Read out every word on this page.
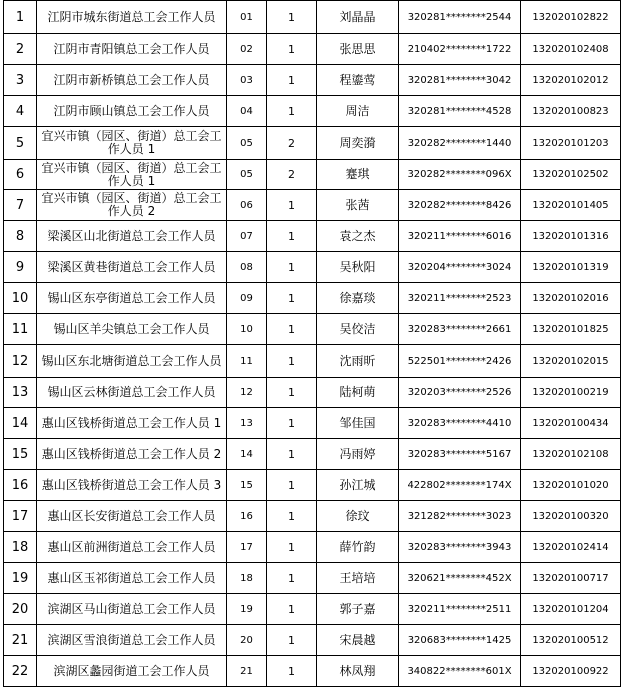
1	江阴市城东街道总工会工作人员	01	1	刘晶晶	320281********2544	132020102822
2	江阴市青阳镇总工会工作人员	02	1	张思思	210402********1722	132020102408
3	江阴市新桥镇总工会工作人员	03	1	程鎏莺	320281********3042	132020102012
4	江阴市顾山镇总工会工作人员	04	1	周洁	320281********4528	132020100823
5	宜兴市镇（园区、街道）总工会工作人员 1	05	2	周奕漪	320282********1440	132020101203
6	宜兴市镇（园区、街道）总工会工作人员 1	05	2	蹇琪	320282********096X	132020102502
7	宜兴市镇（园区、街道）总工会工作人员 2	06	1	张茜	320282********8426	132020101405
8	梁溪区山北街道总工会工作人员	07	1	袁之杰	320211********6016	132020101316
9	梁溪区黄巷街道总工会工作人员	08	1	吴秋阳	320204********3024	132020101319
10	锡山区东亭街道总工会工作人员	09	1	徐嘉琰	320211********2523	132020102016
11	锡山区羊尖镇总工会工作人员	10	1	吴佼洁	320283********2661	132020101825
12	锡山区东北塘街道总工会工作人员	11	1	沈雨昕	522501********2426	132020102015
13	锡山区云林街道总工会工作人员	12	1	陆柯萌	320203********2526	132020100219
14	惠山区钱桥街道总工会工作人员 1	13	1	邹佳国	320283********4410	132020100434
15	惠山区钱桥街道总工会工作人员 2	14	1	冯雨婷	320283********5167	132020102108
16	惠山区钱桥街道总工会工作人员 3	15	1	孙江城	422802********174X	132020101020
17	惠山区长安街道总工会工作人员	16	1	徐玟	321282********3023	132020100320
18	惠山区前洲街道总工会工作人员	17	1	薛竹韵	320283********3943	132020102414
19	惠山区玉祁街道总工会工作人员	18	1	王培培	320621********452X	132020100717
20	滨湖区马山街道总工会工作人员	19	1	郭子嘉	320211********2511	132020101204
21	滨湖区雪浪街道总工会工作人员	20	1	宋晨越	320683********1425	132020100512
22	滨湖区蠡园街道工会工作人员	21	1	林凤翔	340822********601X	132020100922
